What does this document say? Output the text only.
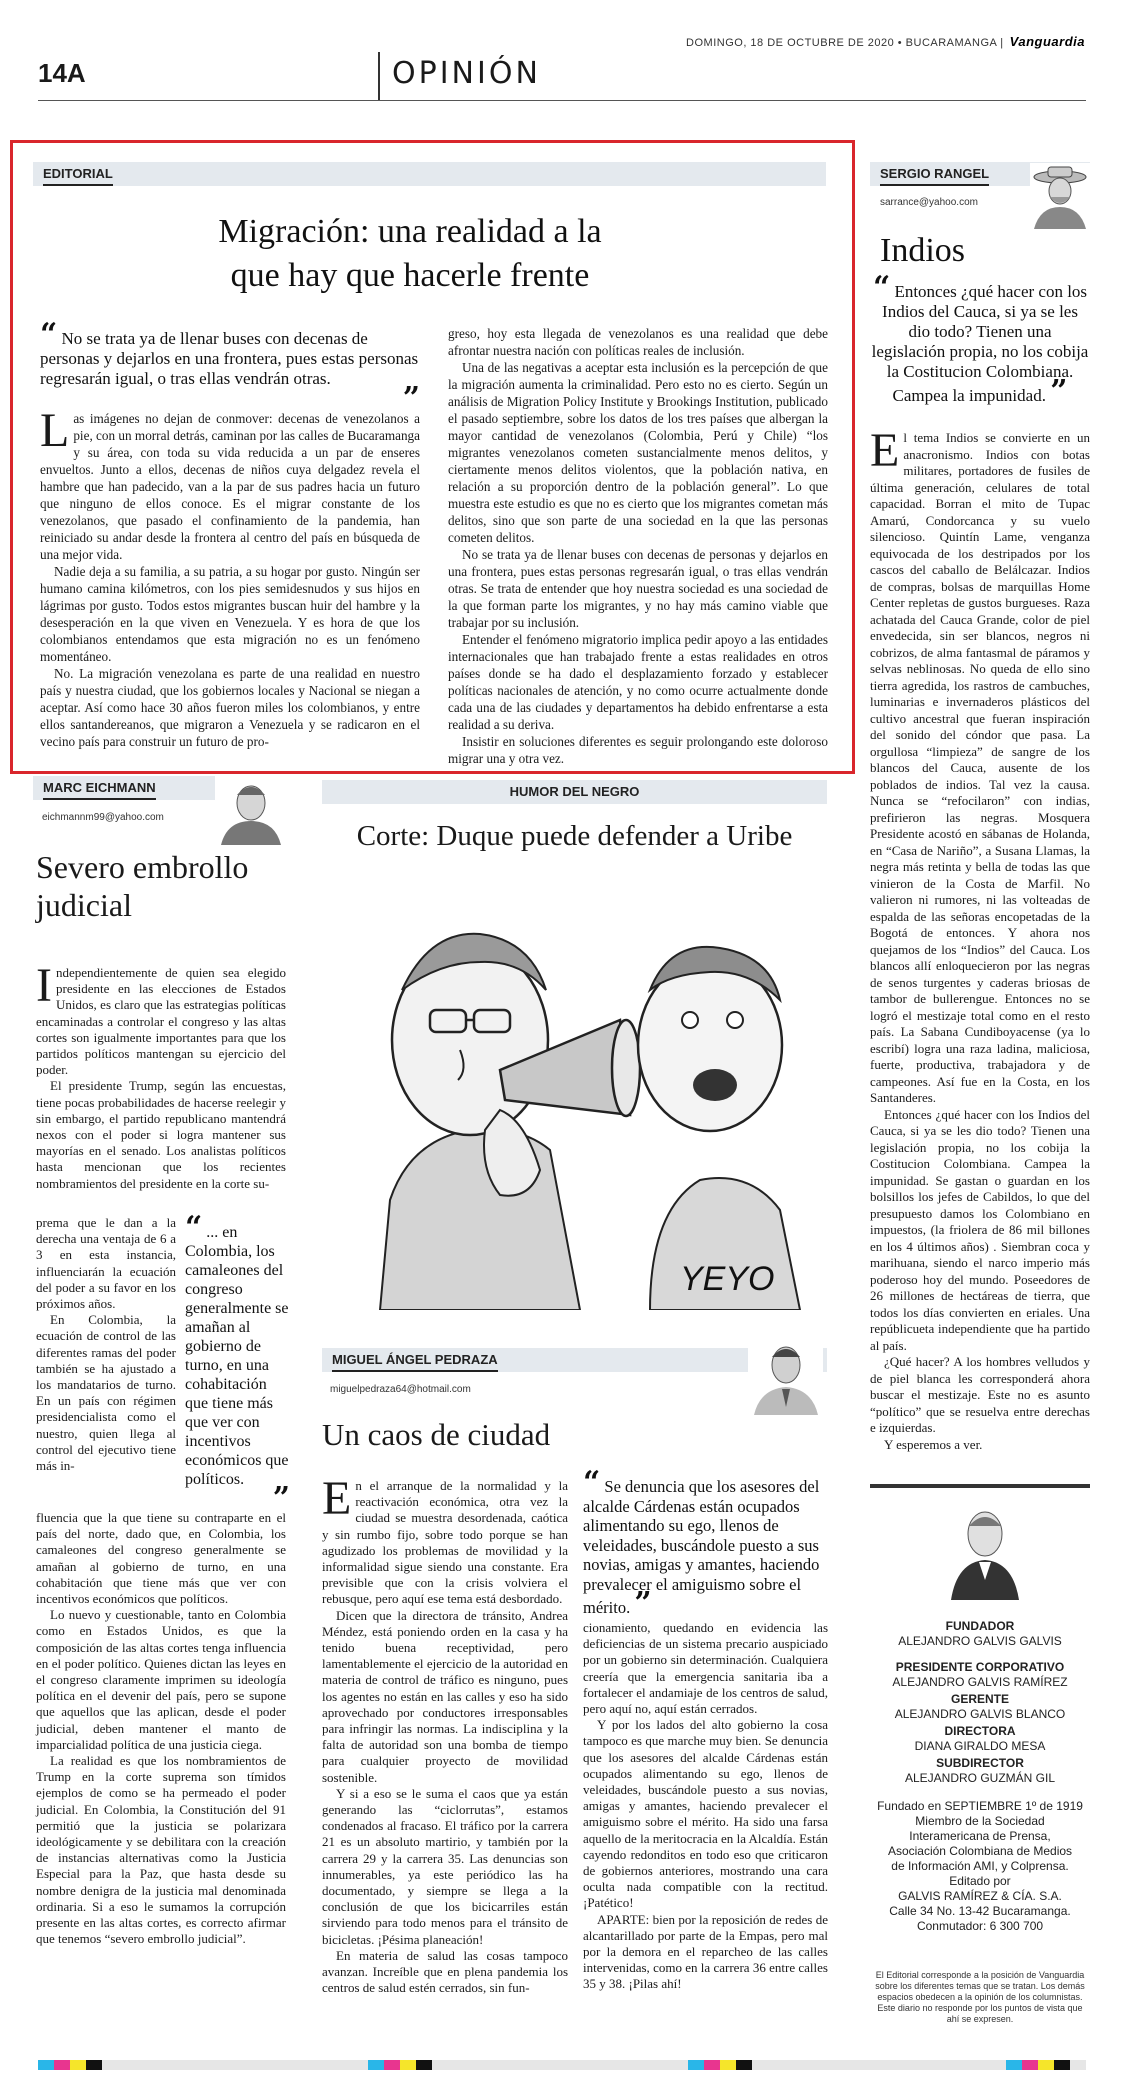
14A	OPINIÓN
DOMINGO, 18 DE OCTUBRE DE 2020 • BUCARAMANGA | Vanguardia
EDITORIAL
Migración: una realidad a la
que hay que hacerle frente
“ No se trata ya de llenar buses con decenas de personas y dejarlos en una frontera, pues estas personas regresarán igual, o tras ellas vendrán otras.
”

Las imágenes no dejan de conmover: decenas de venezolanos a pie, con un morral detrás, caminan por las calles de Bucaramanga y su área, con toda su vida reducida a un par de enseres envueltos. Junto a ellos, decenas de niños cuya delgadez revela el hambre que han padecido, van a la par de sus padres hacia un futuro que ninguno de ellos conoce. Es el migrar constante de los venezolanos, que pasado el confinamiento de la pandemia, han reiniciado su andar desde la frontera al centro del país en búsqueda de una mejor vida.

Nadie deja a su familia, a su patria, a su hogar por gusto. Ningún ser humano camina kilómetros, con los pies semidesnudos y sus hijos en lágrimas por gusto. Todos estos migrantes buscan huir del hambre y la desesperación en la que viven en Venezuela. Y es hora de que los colombianos entendamos que esta migración no es un fenómeno momentáneo.

No. La migración venezolana es parte de una realidad en nuestro país y nuestra ciudad, que los gobiernos locales y Nacional se niegan a aceptar. Así como hace 30 años fueron miles los colombianos, y entre ellos santandereanos, que migraron a Venezuela y se radicaron en el vecino país para construir un futuro de pro-

greso, hoy esta llegada de venezolanos es una realidad que debe afrontar nuestra nación con políticas reales de inclusión.

Una de las negativas a aceptar esta inclusión es la percepción de que la migración aumenta la criminalidad. Pero esto no es cierto. Según un análisis de Migration Policy Institute y Brookings Institution, publicado el pasado septiembre, sobre los datos de los tres países que albergan la mayor cantidad de venezolanos (Colombia, Perú y Chile) “los migrantes venezolanos cometen sustancialmente menos delitos, y ciertamente menos delitos violentos, que la población nativa, en relación a su proporción dentro de la población general”. Lo que muestra este estudio es que no es cierto que los migrantes cometan más delitos, sino que son parte de una sociedad en la que las personas cometen delitos.

No se trata ya de llenar buses con decenas de personas y dejarlos en una frontera, pues estas personas regresarán igual, o tras ellas vendrán otras. Se trata de entender que hoy nuestra sociedad es una sociedad de la que forman parte los migrantes, y no hay más camino viable que trabajar por su inclusión.

Entender el fenómeno migratorio implica pedir apoyo a las entidades internacionales que han trabajado frente a estas realidades en otros países donde se ha dado el desplazamiento forzado y establecer políticas nacionales de atención, y no como ocurre actualmente donde cada una de las ciudades y departamentos ha debido enfrentarse a esta realidad a su deriva.

Insistir en soluciones diferentes es seguir prolongando este doloroso migrar una y otra vez.

SERGIO RANGEL
sarrance@yahoo.com
Indios
“ Entonces ¿qué hacer con los Indios del Cauca, si ya se les dio todo? Tienen una legislación propia, no los cobija la Costitucion Colombiana. Campea la impunidad. ”

El tema Indios se convierte en un anacronismo. Indios con botas militares, portadores de fusiles de última generación, celulares de total capacidad. Borran el mito de Tupac Amarú, Condorcanca y su vuelo silencioso. Quintín Lame, venganza equivocada de los destripados por los cascos del caballo de Belálcazar. Indios de compras, bolsas de marquillas Home Center repletas de gustos burgueses. Raza achatada del Cauca Grande, color de piel envedecida, sin ser blancos, negros ni cobrizos, de alma fantasmal de páramos y selvas neblinosas. No queda de ello sino tierra agredida, los rastros de cambuches, luminarias e invernaderos plásticos del cultivo ancestral que fueran inspiración del sonido del cóndor que pasa. La orgullosa “limpieza” de sangre de los blancos del Cauca, ausente de los poblados de indios. Tal vez la causa. Nunca se “refocilaron” con indias, prefirieron las negras. Mosquera Presidente acostó en sábanas de Holanda, en “Casa de Nariño”, a Susana Llamas, la negra más retinta y bella de todas las que vinieron de la Costa de Marfil. No valieron ni rumores, ni las volteadas de espalda de las señoras encopetadas de la Bogotá de entonces. Y ahora nos quejamos de los “Indios” del Cauca. Los blancos allí enloquecieron por las negras de senos turgentes y caderas briosas de tambor de bullerengue. Entonces no se logró el mestizaje total como en el resto país. La Sabana Cundiboyacense (ya lo escribí) logra una raza ladina, maliciosa, fuerte, productiva, trabajadora y de campeones. Así fue en la Costa, en los Santanderes.

Entonces ¿qué hacer con los Indios del Cauca, si ya se les dio todo? Tienen una legislación propia, no los cobija la Costitucion Colombiana. Campea la impunidad. Se gastan o guardan en los bolsillos los jefes de Cabildos, lo que del presupuesto damos los Colombiano en impuestos, (la friolera de 86 mil billones en los 4 últimos años) . Siembran coca y marihuana, siendo el narco imperio más poderoso hoy del mundo. Poseedores de 26 millones de hectáreas de tierra, que todos los días convierten en eriales. Una repúblicueta independiente que ha partido al país.

¿Qué hacer? A los hombres velludos y de piel blanca les corresponderá ahora buscar el mestizaje. Este no es asunto “político” que se resuelva entre derechas e izquierdas.

Y esperemos a ver.

FUNDADOR
ALEJANDRO GALVIS GALVIS
PRESIDENTE CORPORATIVO
ALEJANDRO GALVIS RAMÍREZ
GERENTE
ALEJANDRO GALVIS BLANCO
DIRECTORA
DIANA GIRALDO MESA
SUBDIRECTOR
ALEJANDRO GUZMÁN GIL
Fundado en SEPTIEMBRE 1º de 1919
Miembro de la Sociedad
Interamericana de Prensa,
Asociación Colombiana de Medios
de Información AMI, y Colprensa.
Editado por
GALVIS RAMÍREZ & CÍA. S.A.
Calle 34 No. 13-42 Bucaramanga.
Conmutador: 6 300 700
El Editorial corresponde a la posición de Vanguardia sobre los diferentes temas que se tratan. Los demás espacios obedecen a la opinión de los columnistas. Este diario no responde por los puntos de vista que ahí se expresen.
MARC EICHMANN
eichmannm99@yahoo.com
Severo embrollo judicial

Independientemente de quien sea elegido presidente en las elecciones de Estados Unidos, es claro que las estrategias políticas encaminadas a controlar el congreso y las altas cortes son igualmente importantes para que los partidos políticos mantengan su ejercicio del poder.

El presidente Trump, según las encuestas, tiene pocas probabilidades de hacerse reelegir y sin embargo, el partido republicano mantendrá nexos con el poder si logra mantener sus mayorías en el senado. Los analistas políticos hasta mencionan que los recientes nombramientos del presidente en la corte su-

prema que le dan a la derecha una ventaja de 6 a 3 en esta instancia, influenciarán la ecuación del poder a su favor en los próximos años.

En Colombia, la ecuación de control de las diferentes ramas del poder también se ha ajustado a los mandatarios de turno. En un país con régimen presidencialista como el nuestro, quien llega al control del ejecutivo tiene más in-

“ ... en Colombia, los camaleones del congreso generalmente se amañan al gobierno de turno, en una cohabitación que tiene más que ver con incentivos económicos que políticos.
”

fluencia que la que tiene su contraparte en el país del norte, dado que, en Colombia, los camaleones del congreso generalmente se amañan al gobierno de turno, en una cohabitación que tiene más que ver con incentivos económicos que políticos.

Lo nuevo y cuestionable, tanto en Colombia como en Estados Unidos, es que la composición de las altas cortes tenga influencia en el poder político. Quienes dictan las leyes en el congreso claramente imprimen su ideología política en el devenir del país, pero se supone que aquellos que las aplican, desde el poder judicial, deben mantener el manto de imparcialidad política de una justicia ciega.

La realidad es que los nombramientos de Trump en la corte suprema son tímidos ejemplos de como se ha permeado el poder judicial. En Colombia, la Constitución del 91 permitió que la justicia se polarizara ideológicamente y se debilitara con la creación de instancias alternativas como la Justicia Especial para la Paz, que hasta desde su nombre denigra de la justicia mal denominada ordinaria. Si a eso le sumamos la corrupción presente en las altas cortes, es correcto afirmar que tenemos “severo embrollo judicial”.

HUMOR DEL NEGRO
Corte: Duque puede defender a Uribe
YEYO
MIGUEL ÁNGEL PEDRAZA
miguelpedraza64@hotmail.com
Un caos de ciudad

En el arranque de la normalidad y la reactivación económica, otra vez la ciudad se muestra desordenada, caótica y sin rumbo fijo, sobre todo porque se han agudizado los problemas de movilidad y la informalidad sigue siendo una constante. Era previsible que con la crisis volviera el rebusque, pero aquí ese tema está desbordado.

Dicen que la directora de tránsito, Andrea Méndez, está poniendo orden en la casa y ha tenido buena receptividad, pero lamentablemente el ejercicio de la autoridad en materia de control de tráfico es ninguno, pues los agentes no están en las calles y eso ha sido aprovechado por conductores irresponsables para infringir las normas. La indisciplina y la falta de autoridad son una bomba de tiempo para cualquier proyecto de movilidad sostenible.

Y si a eso se le suma el caos que ya están generando las “ciclorrutas”, estamos condenados al fracaso. El tráfico por la carrera 21 es un absoluto martirio, y también por la carrera 29 y la carrera 35. Las denuncias son innumerables, ya este periódico las ha documentado, y siempre se llega a la conclusión de que los bicicarriles están sirviendo para todo menos para el tránsito de bicicletas. ¡Pésima planeación!

En materia de salud las cosas tampoco avanzan. Increíble que en plena pandemia los centros de salud estén cerrados, sin fun-

“ Se denuncia que los asesores del alcalde Cárdenas están ocupados alimentando su ego, llenos de veleidades, buscándole puesto a sus novias, amigas y amantes, haciendo prevalecer el amiguismo sobre el mérito. ”

cionamiento, quedando en evidencia las deficiencias de un sistema precario auspiciado por un gobierno sin determinación. Cualquiera creería que la emergencia sanitaria iba a fortalecer el andamiaje de los centros de salud, pero aquí no, aquí están cerrados.

Y por los lados del alto gobierno la cosa tampoco es que marche muy bien. Se denuncia que los asesores del alcalde Cárdenas están ocupados alimentando su ego, llenos de veleidades, buscándole puesto a sus novias, amigas y amantes, haciendo prevalecer el amiguismo sobre el mérito. Ha sido una farsa aquello de la meritocracia en la Alcaldía. Están cayendo redonditos en todo eso que criticaron de gobiernos anteriores, mostrando una cara oculta nada compatible con la rectitud. ¡Patético!

APARTE: bien por la reposición de redes de alcantarillado por parte de la Empas, pero mal por la demora en el reparcheo de las calles intervenidas, como en la carrera 36 entre calles 35 y 38. ¡Pilas ahí!
